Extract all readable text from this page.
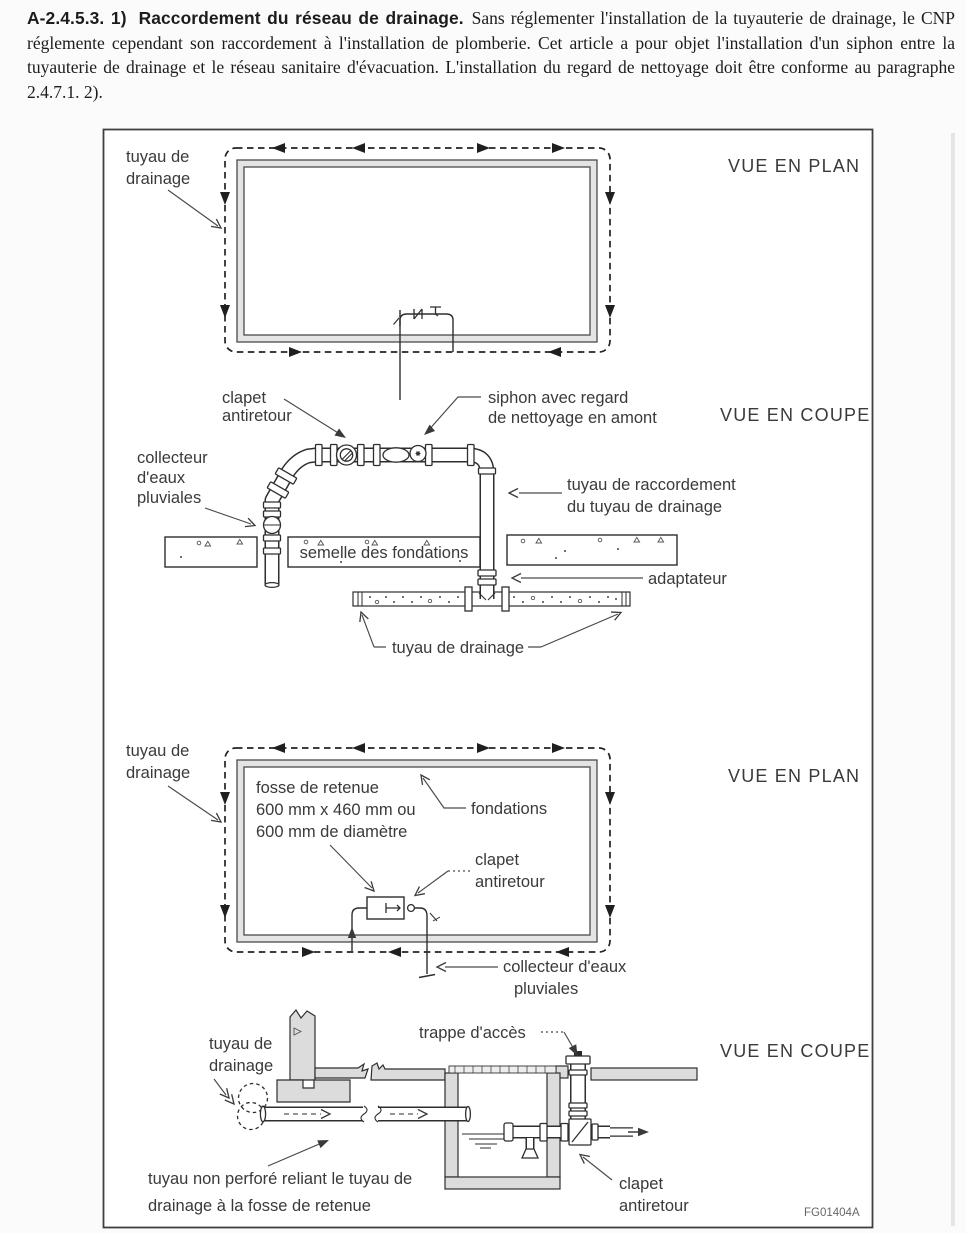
A-2.4.5.3. 1) Raccordement du réseau de drainage. Sans réglementer l'installation de la tuyauterie de drainage, le CNP réglemente cependant son raccordement à l'installation de plomberie. Cet article a pour objet l'installation d'un siphon entre la tuyauterie de drainage et le réseau sanitaire d'évacuation. L'installation du regard de nettoyage doit être conforme au paragraphe 2.4.7.1. 2).

tuyau de
drainage
VUE EN PLAN
clapet
antiretour
siphon avec regard
de nettoyage en amont	VUE EN COUPE
collecteur
d'eaux
pluviales
tuyau de raccordement
du tuyau de drainage
semelle des fondations
adaptateur
tuyau de drainage
tuyau de
drainage
fosse de retenue
600 mm x 460 mm ou
600 mm de diamètre
fondations
clapet
antiretour
collecteur d'eaux
pluviales
VUE EN PLAN
tuyau de
drainage
trappe d'accès
VUE EN COUPE
tuyau non perforé reliant le tuyau de
drainage à la fosse de retenue
clapet
antiretour	FG01404A
